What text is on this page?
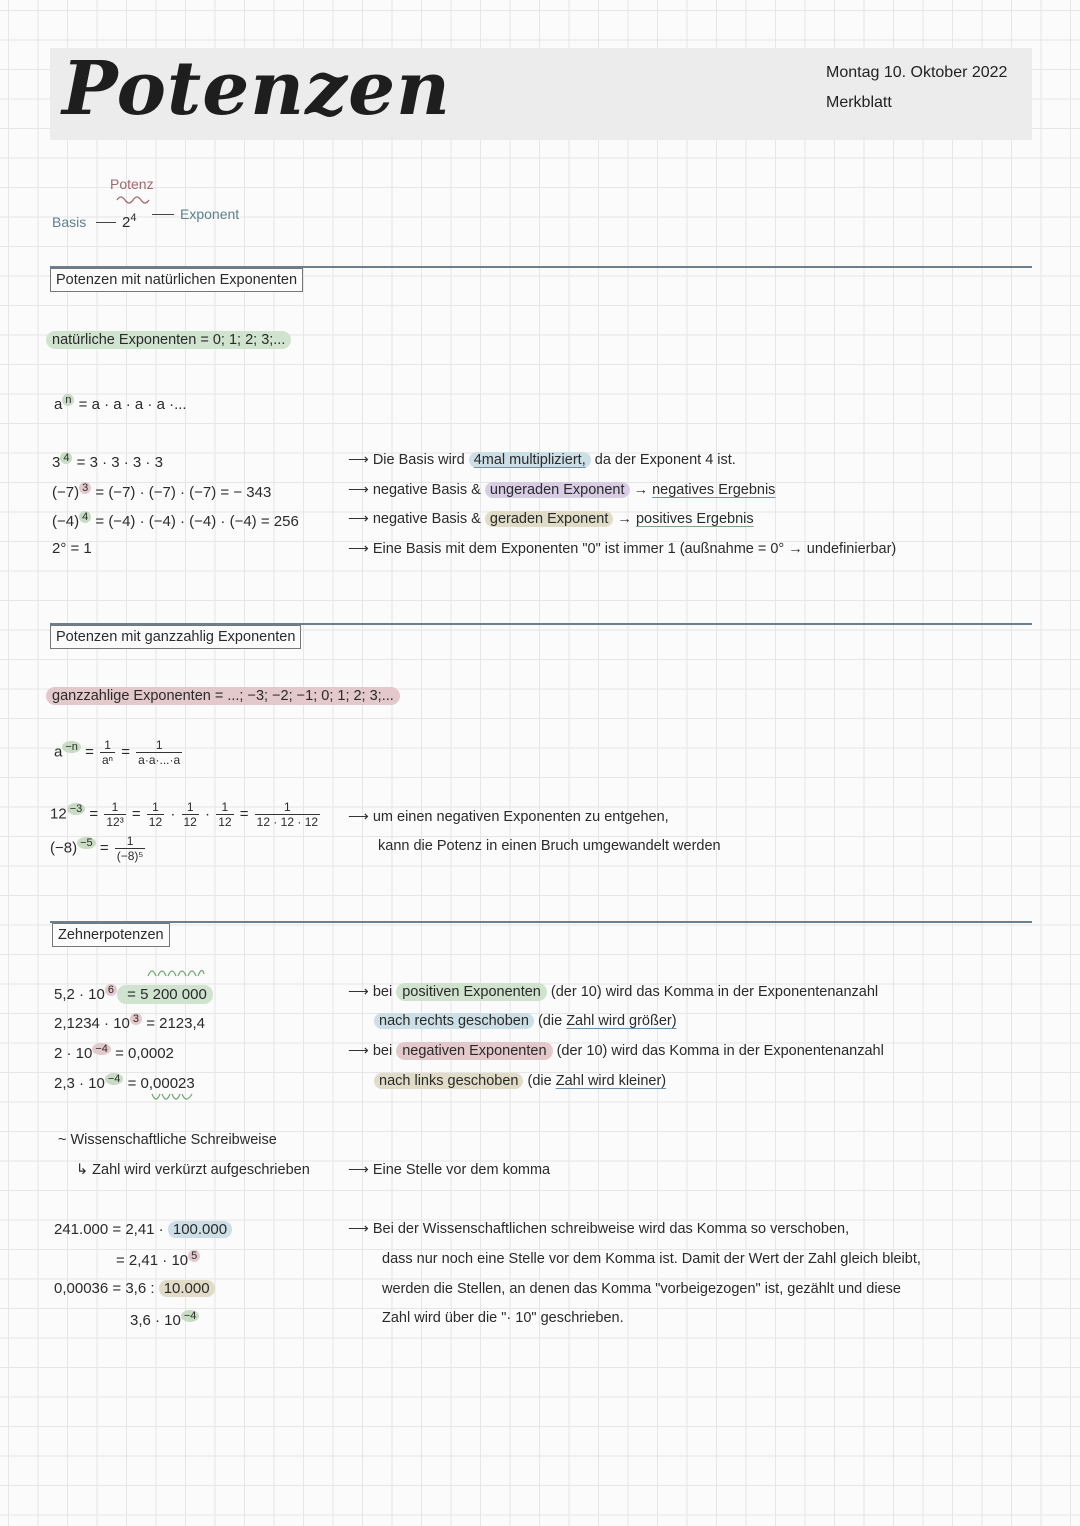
Potenzen	Montag 10. Oktober 2022
Merkblatt
Potenz
Basis $2^4$	Exponent
Potenzen mit natürlichen Exponenten
natürliche Exponenten = 0; 1; 2; 3;...
a $^n$ = a · a · a · a ·...
3 $^4$ = 3 · 3 · 3 · 3
(−7) $^3$ = (−7) · (−7) · (−7) = − 343
(−4) $^4$ = (−4) · (−4) · (−4) · (−4) = 256
2° = 1
⟶ Die Basis wird 4mal multipliziert, da der Exponent 4 ist.
⟶ negative Basis & ungeraden Exponent → negatives Ergebnis
⟶ negative Basis & geraden Exponent → positives Ergebnis
⟶ Eine Basis mit dem Exponenten "0" ist immer 1 (außnahme = 0° → undefinierbar)
Potenzen mit ganzzahlig Exponenten
ganzzahlige Exponenten = ...; −3; −2; −1; 0; 1; 2; 3;...
a $^{-n} = \frac{1}{\text{aⁿ}} = \frac{1}{a\cdot a\cdot...\cdot a}$
12 $^{-3} = \frac{1}{\text{12³}} = \frac{1}{12} \cdot \frac{1}{12} \cdot \frac{1}{12} = \frac{1}{12 \cdot 12 \cdot 12}$
(−8) $^{-5} = \frac{1}{\text{(−8)⁵}}$
⟶ um einen negativen Exponenten zu entgehen,
kann die Potenz in einen Bruch umgewandelt werden
Zehnerpotenzen
5,2 · 10 $^6$ = 5 200 000
2,1234 · 10 $^3$ = 2123,4
2 · 10 $^{-4}$ = 0,0002
2,3 · 10 $^{-4}$ = 0,00023
⟶ bei positiven Exponenten (der 10) wird das Komma in der Exponentenanzahl
nach rechts geschoben (die Zahl wird größer)
⟶ bei negativen Exponenten (der 10) wird das Komma in der Exponentenanzahl
nach links geschoben (die Zahl wird kleiner)
~ Wissenschaftliche Schreibweise
↳ Zahl wird verkürzt aufgeschrieben	⟶ Eine Stelle vor dem komma
241.000 = 2,41 · 100.000
= 2,41 · 10 $^5$
0,00036 = 3,6 : 10.000
3,6 · 10 $^{-4}$
⟶ Bei der Wissenschaftlichen schreibweise wird das Komma so verschoben,
dass nur noch eine Stelle vor dem Komma ist. Damit der Wert der Zahl gleich bleibt,
werden die Stellen, an denen das Komma "vorbeigezogen" ist, gezählt und diese
Zahl wird über die "· 10" geschrieben.
